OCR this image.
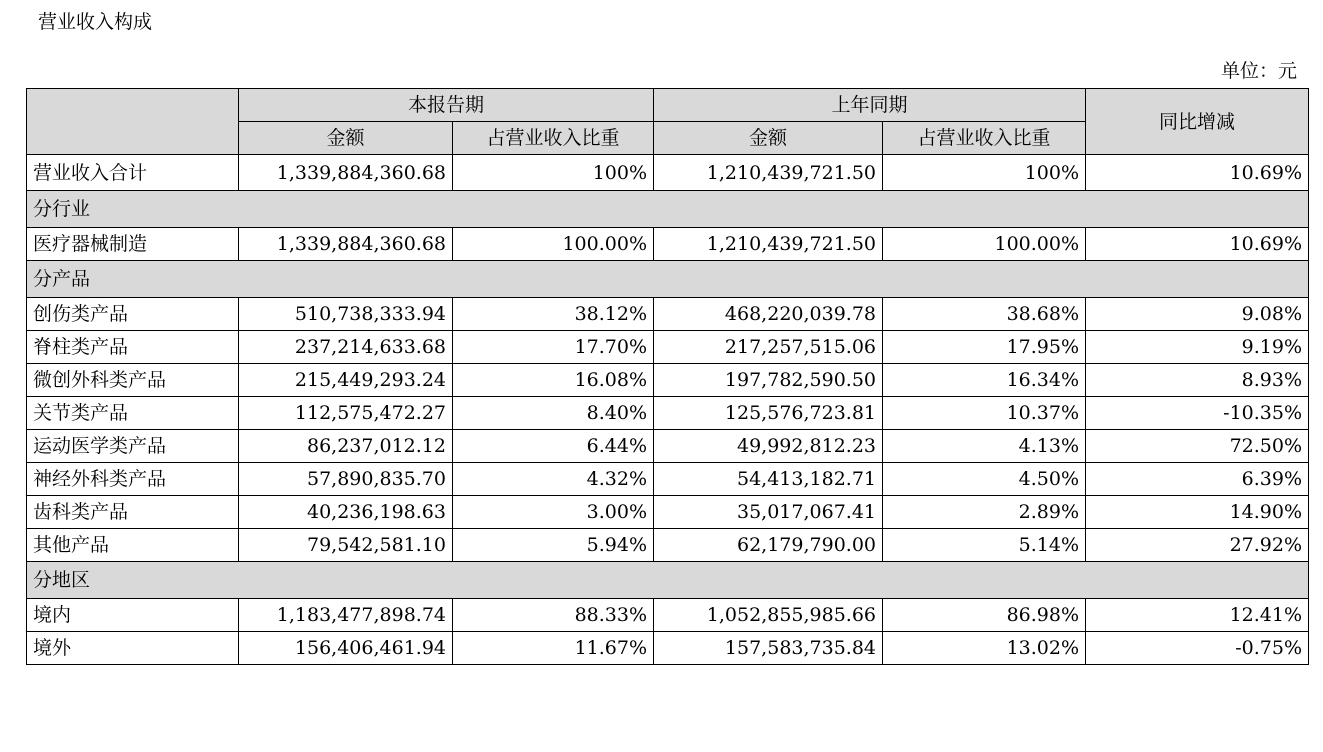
营业收入构成
单位：元
	本报告期		上年同期		同比增减
	金额	占营业收入比重	金额	占营业收入比重	
营业收入合计	1,339,884,360.68	100%	1,210,439,721.50	100%	10.69%
分行业					
医疗器械制造	1,339,884,360.68	100.00%	1,210,439,721.50	100.00%	10.69%
分产品					
创伤类产品	510,738,333.94	38.12%	468,220,039.78	38.68%	9.08%
脊柱类产品	237,214,633.68	17.70%	217,257,515.06	17.95%	9.19%
微创外科类产品	215,449,293.24	16.08%	197,782,590.50	16.34%	8.93%
关节类产品	112,575,472.27	8.40%	125,576,723.81	10.37%	-10.35%
运动医学类产品	86,237,012.12	6.44%	49,992,812.23	4.13%	72.50%
神经外科类产品	57,890,835.70	4.32%	54,413,182.71	4.50%	6.39%
齿科类产品	40,236,198.63	3.00%	35,017,067.41	2.89%	14.90%
其他产品	79,542,581.10	5.94%	62,179,790.00	5.14%	27.92%
分地区					
境内	1,183,477,898.74	88.33%	1,052,855,985.66	86.98%	12.41%
境外	156,406,461.94	11.67%	157,583,735.84	13.02%	-0.75%
